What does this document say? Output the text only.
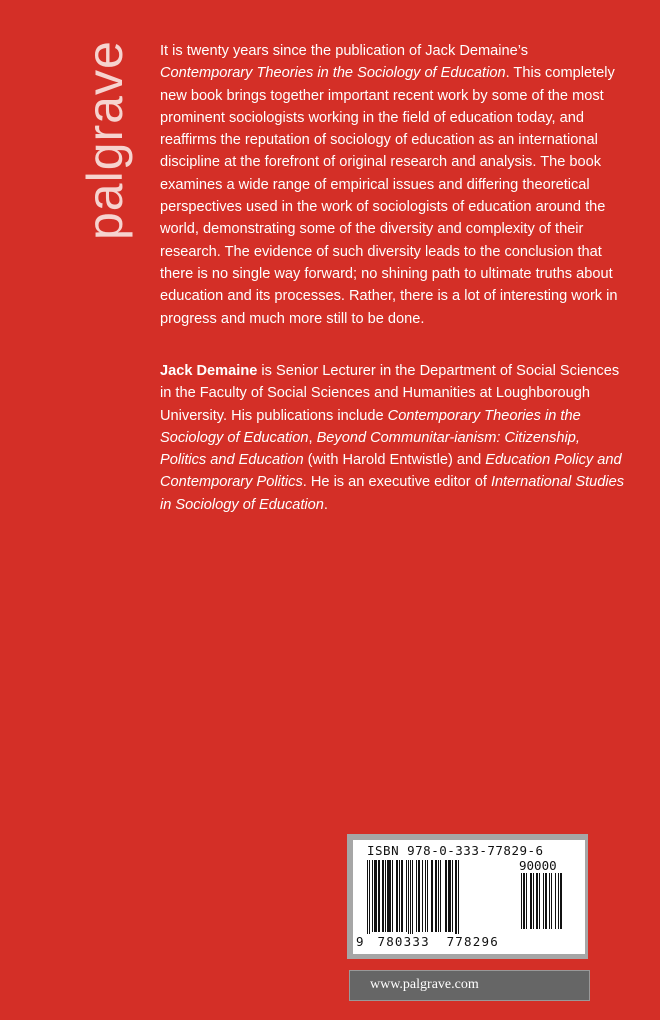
palgrave It is twenty years since the publication of Jack Demaine’s
Contemporary Theories in the Sociology of Education. This completely new book brings together important recent work by some of the most prominent sociologists working in the field of education today, and reaffirms the reputation of sociology of education as an international discipline at the forefront of original research and analysis. The book examines a wide range of empirical issues and differing theoretical perspectives used in the work of sociologists of education around the world, demonstrating some of the diversity and complexity of their research. The evidence of such diversity leads to the conclusion that there is no single way forward; no shining path to ultimate truths about education and its processes. Rather, there is a lot of interesting work in progress and much more still to be done.

Jack Demaine is Senior Lecturer in the Department of Social Sciences in the Faculty of Social Sciences and Humanities at Loughborough University. His publications include Contemporary Theories in the Sociology of Education, Beyond Communitar-ianism: Citizenship, Politics and Education (with Harold Entwistle) and Education Policy and Contemporary Politics. He is an executive editor of International Studies in Sociology of Education.

ISBN 978-0-333-77829-6
90000
9 780333 778296
www.palgrave.com
